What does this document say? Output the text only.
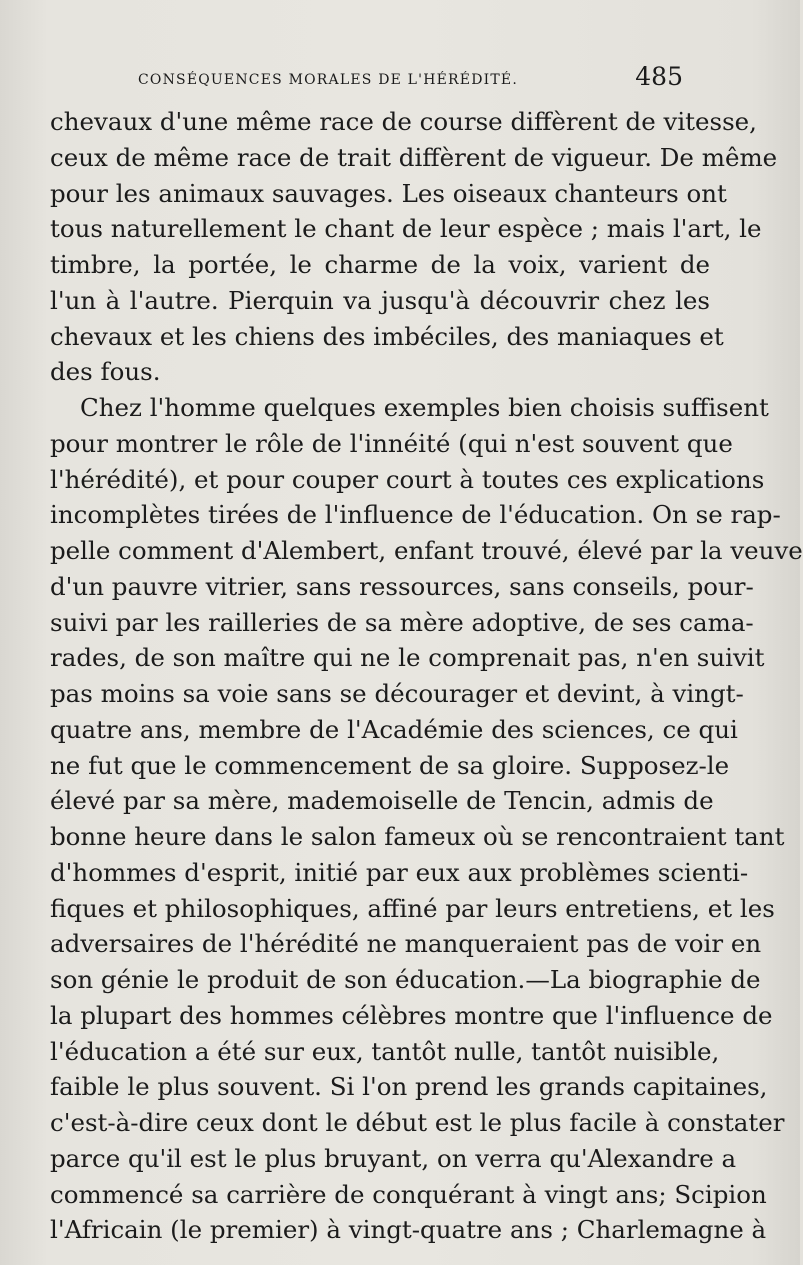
CONSÉQUENCES MORALES DE L'HÉRÉDITÉ.	485
chevaux d'une même race de course diffèrent de vitesse,
ceux de même race de trait diffèrent de vigueur. De même
pour les animaux sauvages. Les oiseaux chanteurs ont
tous naturellement le chant de leur espèce ; mais l'art, le
timbre, la portée, le charme de la voix, varient de
l'un à l'autre. Pierquin va jusqu'à découvrir chez les
chevaux et les chiens des imbéciles, des maniaques et
des fous.
Chez l'homme quelques exemples bien choisis suffisent
pour montrer le rôle de l'innéité (qui n'est souvent que
l'hérédité), et pour couper court à toutes ces explications
incomplètes tirées de l'influence de l'éducation. On se rap-
pelle comment d'Alembert, enfant trouvé, élevé par la veuve
d'un pauvre vitrier, sans ressources, sans conseils, pour-
suivi par les railleries de sa mère adoptive, de ses cama-
rades, de son maître qui ne le comprenait pas, n'en suivit
pas moins sa voie sans se décourager et devint, à vingt-
quatre ans, membre de l'Académie des sciences, ce qui
ne fut que le commencement de sa gloire. Supposez-le
élevé par sa mère, mademoiselle de Tencin, admis de
bonne heure dans le salon fameux où se rencontraient tant
d'hommes d'esprit, initié par eux aux problèmes scienti-
fiques et philosophiques, affiné par leurs entretiens, et les
adversaires de l'hérédité ne manqueraient pas de voir en
son génie le produit de son éducation.—La biographie de
la plupart des hommes célèbres montre que l'influence de
l'éducation a été sur eux, tantôt nulle, tantôt nuisible,
faible le plus souvent. Si l'on prend les grands capitaines,
c'est-à-dire ceux dont le début est le plus facile à constater
parce qu'il est le plus bruyant, on verra qu'Alexandre a
commencé sa carrière de conquérant à vingt ans; Scipion
l'Africain (le premier) à vingt-quatre ans ; Charlemagne à
